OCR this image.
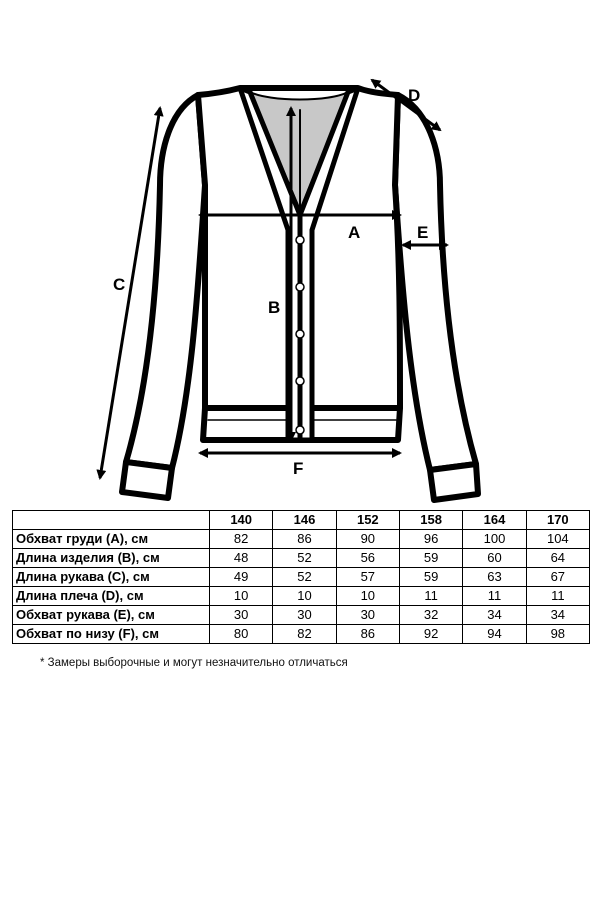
A
B
C
D
E
F
	140	146	152	158	164	170
Обхват груди (A), см	82	86	90	96	100	104
Длина изделия (B), см	48	52	56	59	60	64
Длина рукава (C), см	49	52	57	59	63	67
Длина плеча (D), см	10	10	10	11	11	11
Обхват рукава (E), см	30	30	30	32	34	34
Обхват по низу (F), см	80	82	86	92	94	98
* Замеры выборочные и могут незначительно отличаться
